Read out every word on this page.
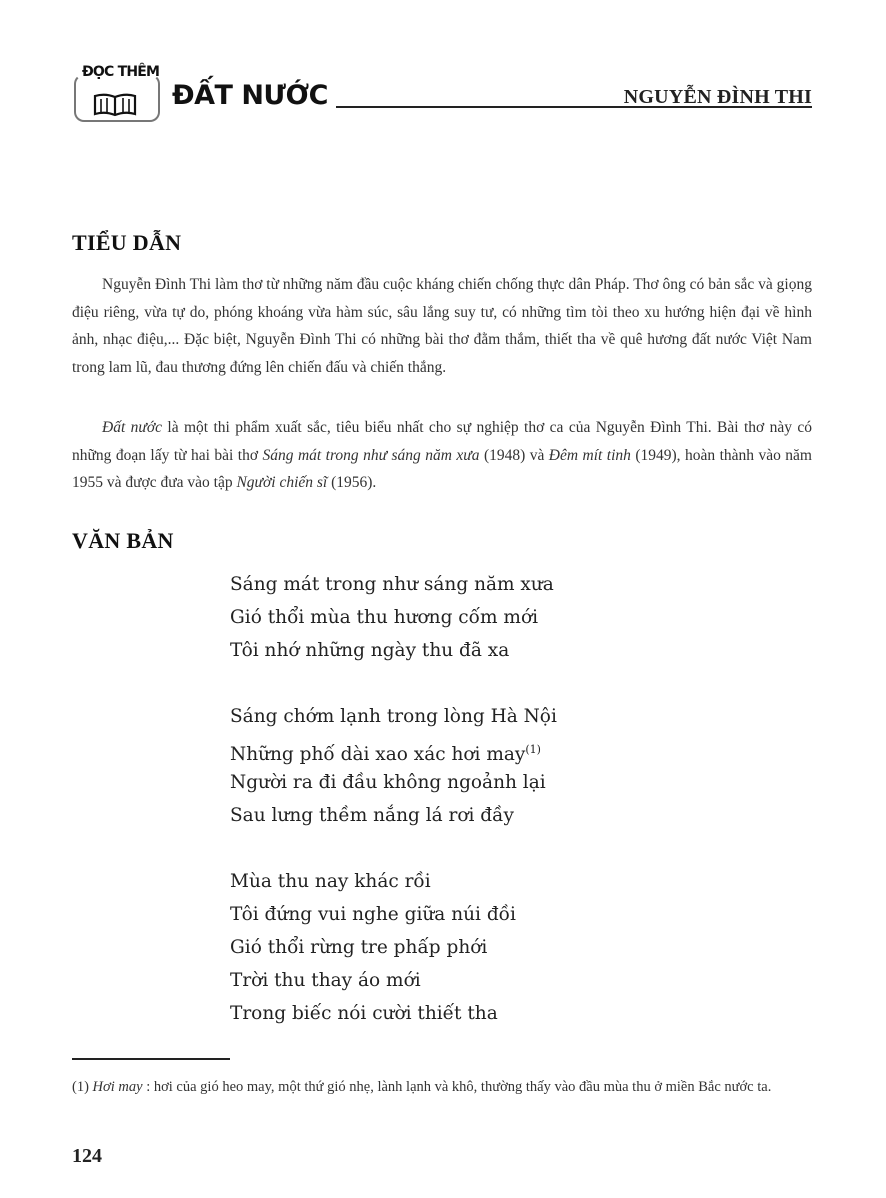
ĐỌC THÊM
ĐẤT NƯỚC	NGUYỄN ĐÌNH THI
TIỂU DẪN

Nguyễn Đình Thi làm thơ từ những năm đầu cuộc kháng chiến chống thực dân Pháp. Thơ ông có bản sắc và giọng điệu riêng, vừa tự do, phóng khoáng vừa hàm súc, sâu lắng suy tư, có những tìm tòi theo xu hướng hiện đại về hình ảnh, nhạc điệu,... Đặc biệt, Nguyễn Đình Thi có những bài thơ đằm thắm, thiết tha về quê hương đất nước Việt Nam trong lam lũ, đau thương đứng lên chiến đấu và chiến thắng.

Đất nước là một thi phẩm xuất sắc, tiêu biểu nhất cho sự nghiệp thơ ca của Nguyễn Đình Thi. Bài thơ này có những đoạn lấy từ hai bài thơ Sáng mát trong như sáng năm xưa (1948) và Đêm mít tinh (1949), hoàn thành vào năm 1955 và được đưa vào tập Người chiến sĩ (1956).

VĂN BẢN
Sáng mát trong như sáng năm xưa
Gió thổi mùa thu hương cốm mới
Tôi nhớ những ngày thu đã xa
Sáng chớm lạnh trong lòng Hà Nội
Những phố dài xao xác hơi may$^{(1)}$
Người ra đi đầu không ngoảnh lại
Sau lưng thềm nắng lá rơi đầy
Mùa thu nay khác rồi
Tôi đứng vui nghe giữa núi đồi
Gió thổi rừng tre phấp phới
Trời thu thay áo mới
Trong biếc nói cười thiết tha

(1) Hơi may : hơi của gió heo may, một thứ gió nhẹ, lành lạnh và khô, thường thấy vào đầu mùa thu ở miền Bắc nước ta.

124
